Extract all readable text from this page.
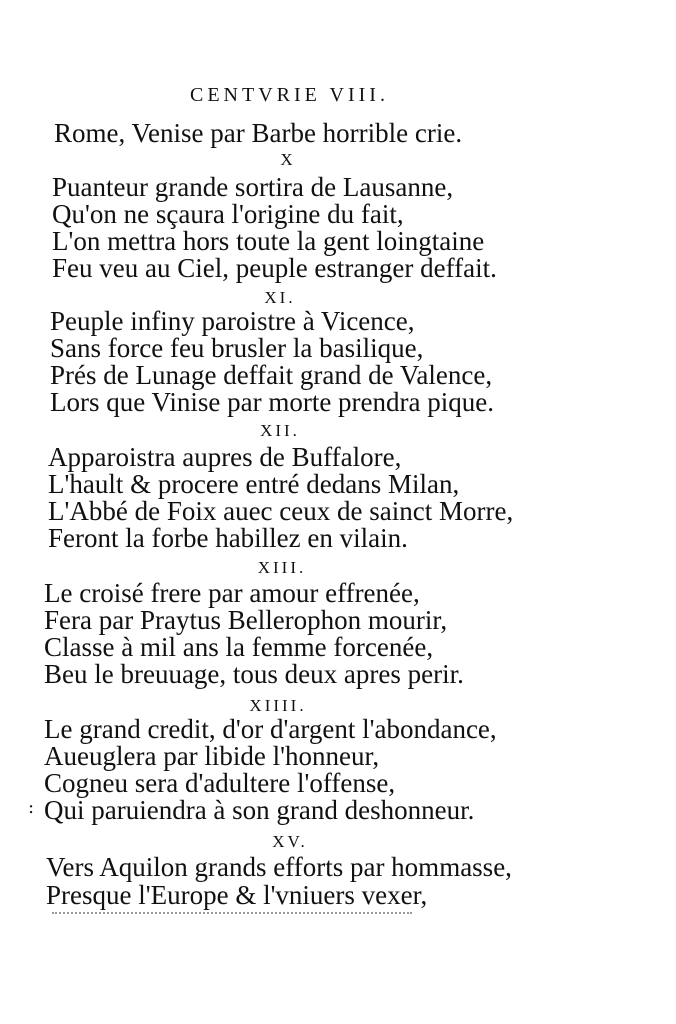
CENTVRIE VIII.
Rome, Venise par Barbe horrible crie.
X
Puanteur grande sortira de Lausanne,
Qu'on ne sçaura l'origine du fait,
L'on mettra hors toute la gent loingtaine
Feu veu au Ciel, peuple estranger deffait.
XI.
Peuple infiny paroistre à Vicence,
Sans force feu brusler la basilique,
Prés de Lunage deffait grand de Valence,
Lors que Vinise par morte prendra pique.
XII.
Apparoistra aupres de Buffalore,
L'hault & procere entré dedans Milan,
L'Abbé de Foix auec ceux de sainct Morre,
Feront la forbe habillez en vilain.
XIII.
Le croisé frere par amour effrenée,
Fera par Praytus Bellerophon mourir,
Classe à mil ans la femme forcenée,
Beu le breuuage, tous deux apres perir.
XIIII.
Le grand credit, d'or d'argent l'abondance,
Aueuglera par libide l'honneur,
Cogneu sera d'adultere l'offense,
: Qui paruiendra à son grand deshonneur.
XV.
Vers Aquilon grands efforts par hommasse,
Presque l'Europe & l'vniuers vexer,
